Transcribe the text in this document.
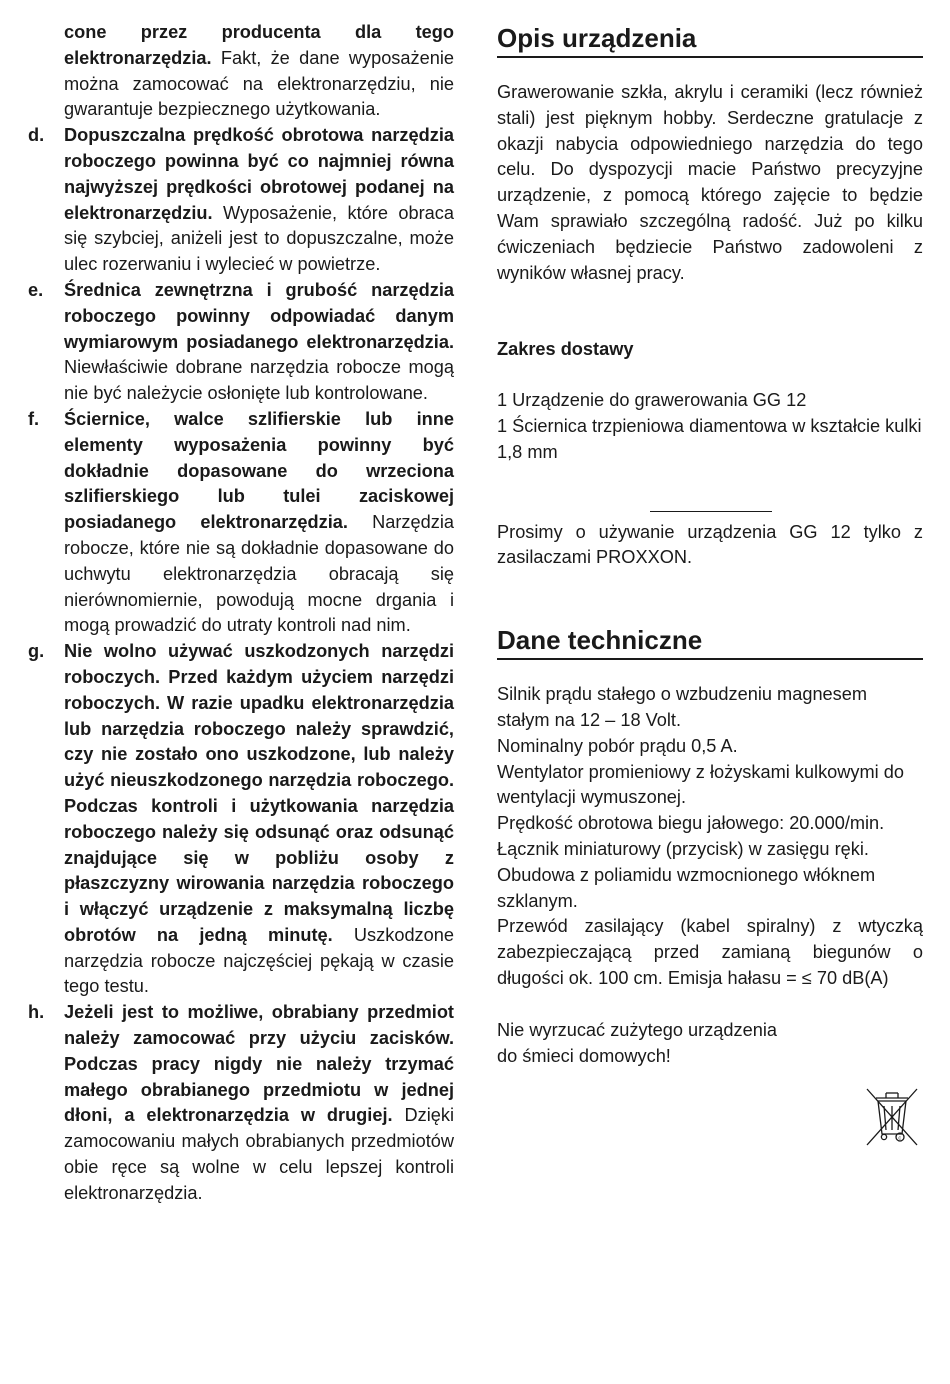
cone przez producenta dla tego elektronarzędzia. Fakt, że dane wyposażenie można zamocować na elektronarzędziu, nie gwarantuje bezpiecznego użytkowania.

d. Dopuszczalna prędkość obrotowa narzędzia roboczego powinna być co najmniej równa najwyższej prędkości obrotowej podanej na elektronarzędziu. Wyposażenie, które obraca się szybciej, aniżeli jest to dopuszczalne, może ulec rozerwaniu i wylecieć w powietrze.

e. Średnica zewnętrzna i grubość narzędzia roboczego powinny odpowiadać danym wymiarowym posiadanego elektronarzędzia. Niewłaściwie dobrane narzędzia robocze mogą nie być należycie osłonięte lub kontrolowane.

f. Ściernice, walce szlifierskie lub inne elementy wyposażenia powinny być dokładnie dopasowane do wrzeciona szlifierskiego lub tulei zaciskowej posiadanego elektronarzędzia. Narzędzia robocze, które nie są dokładnie dopasowane do uchwytu elektronarzędzia obracają się nierównomiernie, powodują mocne drgania i mogą prowadzić do utraty kontroli nad nim.

g. Nie wolno używać uszkodzonych narzędzi roboczych. Przed każdym użyciem narzędzi roboczych. W razie upadku elektronarzędzia lub narzędzia roboczego należy sprawdzić, czy nie zostało ono uszkodzone, lub należy użyć nieuszkodzonego narzędzia roboczego. Podczas kontroli i użytkowania narzędzia roboczego należy się odsunąć oraz odsunąć znajdujące się w pobliżu osoby z płaszczyzny wirowania narzędzia roboczego i włączyć urządzenie z maksymalną liczbę obrotów na jedną minutę. Uszkodzone narzędzia robocze najczęściej pękają w czasie tego testu.

h. Jeżeli jest to możliwe, obrabiany przedmiot należy zamocować przy użyciu zacisków. Podczas pracy nigdy nie należy trzymać małego obrabianego przedmiotu w jednej dłoni, a elektronarzędzia w drugiej. Dzięki zamocowaniu małych obrabianych przedmiotów obie ręce są wolne w celu lepszej kontroli elektronarzędzia.

Opis urządzenia

Grawerowanie szkła, akrylu i ceramiki (lecz również stali) jest pięknym hobby. Serdeczne gratulacje z okazji nabycia odpowiedniego narzędzia do tego celu. Do dyspozycji macie Państwo precyzyjne urządzenie, z pomocą którego zajęcie to będzie Wam sprawiało szczególną radość. Już po kilku ćwiczeniach będziecie Państwo zadowoleni z wyników własnej pracy.

Zakres dostawy

1 Urządzenie do grawerowania GG 12

1 Ściernica trzpieniowa diamentowa w kształcie kulki 1,8 mm

Prosimy o używanie urządzenia GG 12 tylko z zasilaczami PROXXON.

Dane techniczne

Silnik prądu stałego o wzbudzeniu magnesem stałym na 12 – 18 Volt.

Nominalny pobór prądu 0,5 A.

Wentylator promieniowy z łożyskami kulkowymi do wentylacji wymuszonej.

Prędkość obrotowa biegu jałowego: 20.000/min.

Łącznik miniaturowy (przycisk) w zasięgu ręki.

Obudowa z poliamidu wzmocnionego włóknem szklanym.

Przewód zasilający (kabel spiralny) z wtyczką zabezpieczającą przed zamianą biegunów o długości ok. 100 cm. Emisja hałasu = ≤ 70 dB(A)

Nie wyrzucać zużytego urządzenia

do śmieci domowych!

c
